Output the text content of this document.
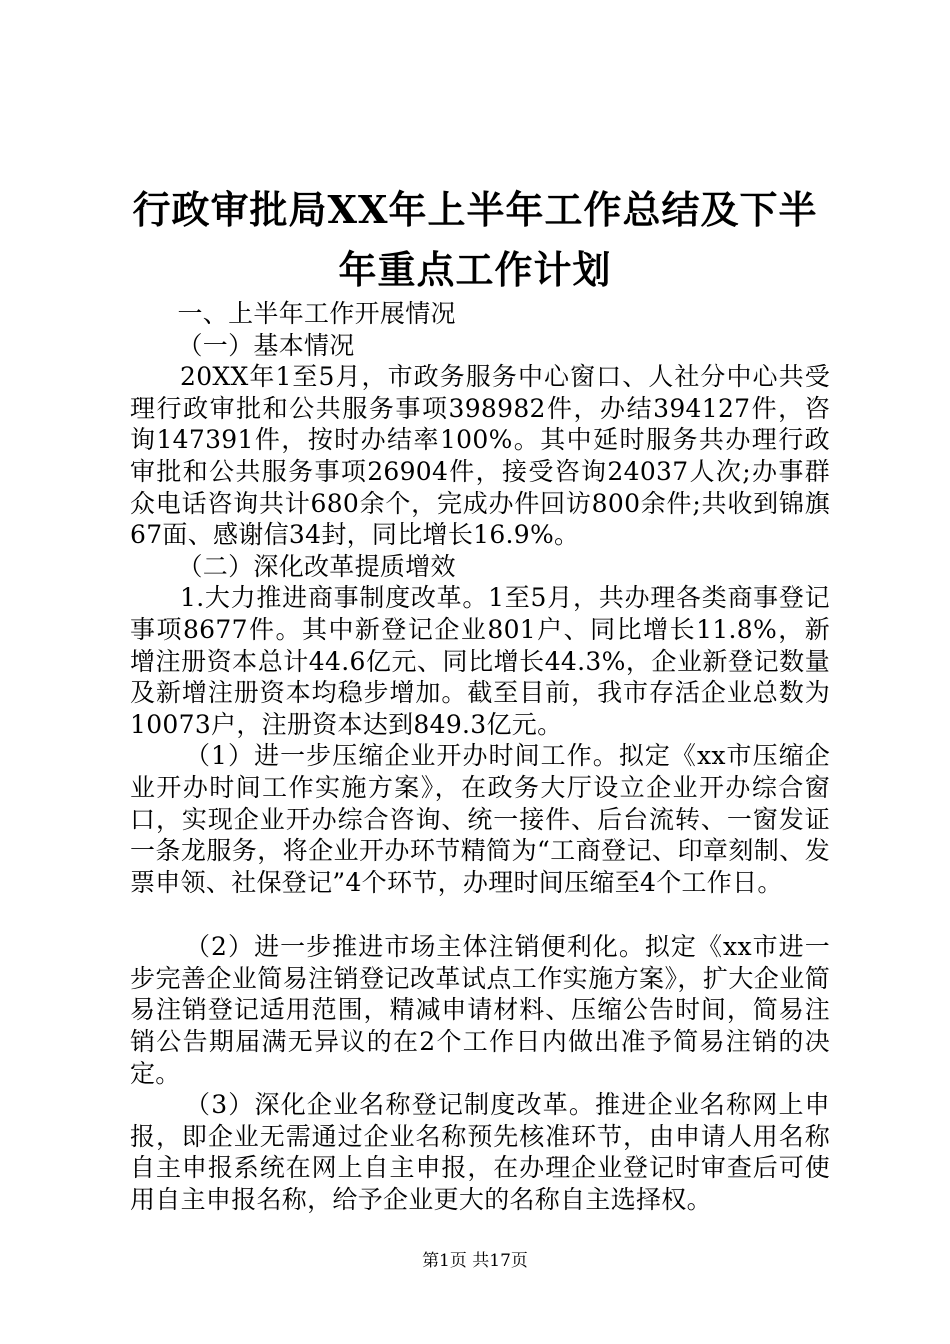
行政审批局XX年上半年工作总结及下半年重点工作计划

一、上半年工作开展情况

（一）基本情况

20XX年1至5月，市政务服务中心窗口、人社分中心共受理行政审批和公共服务事项398982件，办结394127件，咨询147391件，按时办结率100%。其中延时服务共办理行政审批和公共服务事项26904件，接受咨询24037人次;办事群众电话咨询共计680余个，完成办件回访800余件;共收到锦旗67面、感谢信34封，同比增长16.9%。

（二）深化改革提质增效

1.大力推进商事制度改革。1至5月，共办理各类商事登记事项8677件。其中新登记企业801户、同比增长11.8%，新增注册资本总计44.6亿元、同比增长44.3%，企业新登记数量及新增注册资本均稳步增加。截至目前，我市存活企业总数为10073户，注册资本达到849.3亿元。

（1）进一步压缩企业开办时间工作。拟定《xx市压缩企业开办时间工作实施方案》，在政务大厅设立企业开办综合窗口，实现企业开办综合咨询、统一接件、后台流转、一窗发证一条龙服务，将企业开办环节精简为“工商登记、印章刻制、发票申领、社保登记”4个环节，办理时间压缩至4个工作日。

（2）进一步推进市场主体注销便利化。拟定《xx市进一步完善企业简易注销登记改革试点工作实施方案》，扩大企业简易注销登记适用范围，精减申请材料、压缩公告时间，简易注销公告期届满无异议的在2个工作日内做出准予简易注销的决定。

（3）深化企业名称登记制度改革。推进企业名称网上申报，即企业无需通过企业名称预先核准环节，由申请人用名称自主申报系统在网上自主申报，在办理企业登记时审查后可使用自主申报名称，给予企业更大的名称自主选择权。

第1页 共17页
